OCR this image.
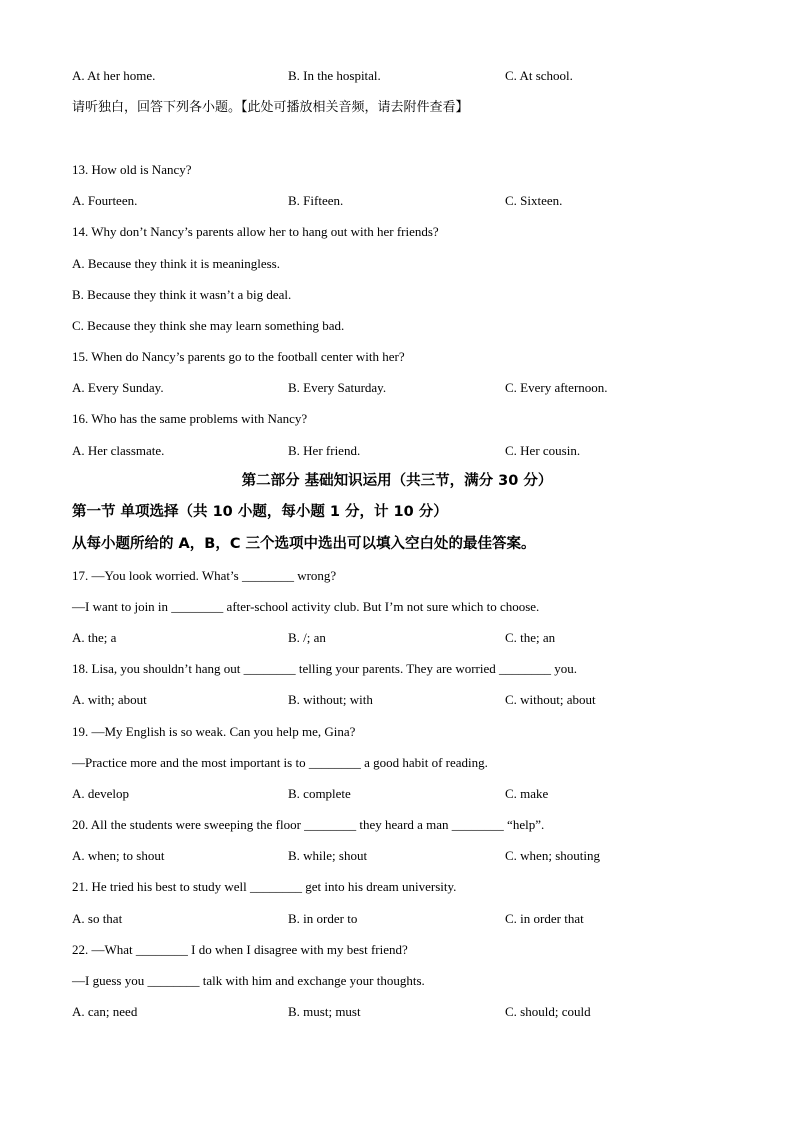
A. At her home.	B. In the hospital.	C. At school.
请听独白，回答下列各小题。【此处可播放相关音频，请去附件查看】
13. How old is Nancy?
A. Fourteen.	B. Fifteen.	C. Sixteen.
14. Why don’t Nancy’s parents allow her to hang out with her friends?
A. Because they think it is meaningless.
B. Because they think it wasn’t a big deal.
C. Because they think she may learn something bad.
15. When do Nancy’s parents go to the football center with her?
A. Every Sunday.	B. Every Saturday.	C. Every afternoon.
16. Who has the same problems with Nancy?
A. Her classmate.	B. Her friend.	C. Her cousin.
第二部分 基础知识运用（共三节，满分 30 分）
第一节 单项选择（共 10 小题，每小题 1 分，计 10 分）
从每小题所给的 A，B，C 三个选项中选出可以填入空白处的最佳答案。
17. —You look worried. What’s ________ wrong?
—I want to join in ________ after-school activity club. But I’m not sure which to choose.
A. the; a	B. /; an	C. the; an
18. Lisa, you shouldn’t hang out ________ telling your parents. They are worried ________ you.
A. with; about	B. without; with	C. without; about
19. —My English is so weak. Can you help me, Gina?
—Practice more and the most important is to ________ a good habit of reading.
A. develop	B. complete	C. make
20. All the students were sweeping the floor ________ they heard a man ________ “help”.
A. when; to shout	B. while; shout	C. when; shouting
21. He tried his best to study well ________ get into his dream university.
A. so that	B. in order to	C. in order that
22. —What ________ I do when I disagree with my best friend?
—I guess you ________ talk with him and exchange your thoughts.
A. can; need	B. must; must	C. should; could
